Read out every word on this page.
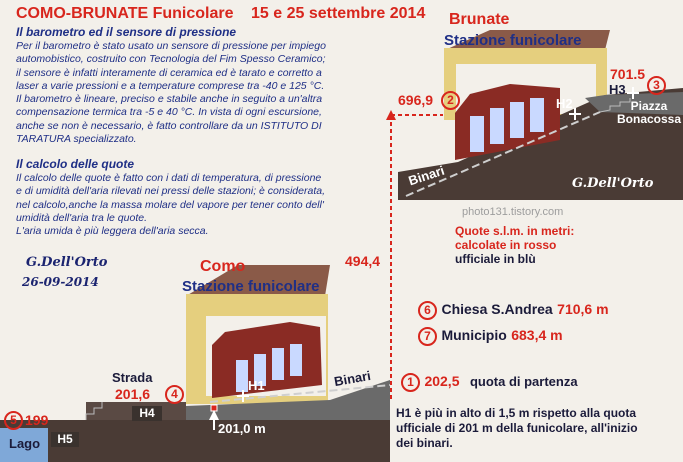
COMO-BRUNATE Funicolare 15 e 25 settembre 2014
Il barometro ed il sensore di pressione
Per il barometro è stato usato un sensore di pressione per impiego
automobistico, costruito con Tecnologia del Fim Spesso Ceramico;
il sensore è infatti interamente di ceramica ed è tarato e corretto a
laser a varie pressioni e a temperature comprese tra -40 e 125 °C.
Il barometro è lineare, preciso e stabile anche in seguito a un'altra
compensazione termica tra -5 e 40 °C. In vista di ogni escursione,
anche se non è necessario, è fatto controllare da un ISTITUTO DI
TARATURA specializzato.
Il calcolo delle quote
Il calcolo delle quote è fatto con i dati di temperatura, di pressione
e di umidità dell'aria rilevati nei pressi delle stazioni; è considerata,
nel calcolo,anche la massa molare del vapore per tener conto dell'
umidità dell'aria tra le quote.
L'aria umida è più leggera dell'aria secca.
G.Dell'Orto
26-09-2014
Brunate
Stazione funicolare
696,9	2
701.5
3
H3
H2	Piazza
Bonacossa
Binari	G.Dell'Orto
photo131.tistory.com
Quote s.l.m. in metri:
calcolate in rosso
ufficiale in blù
494,4
6 Chiesa S.Andrea 710,6 m
7 Municipio 683,4 m
Como
Stazione funicolare
Strada
201,6	4
5 199
Lago
H1
H4
H5
Binari
201,0 m
1 202,5 quota di partenza
H1 è più in alto di 1,5 m rispetto alla quota
ufficiale di 201 m della funicolare, all'inizio
dei binari.
